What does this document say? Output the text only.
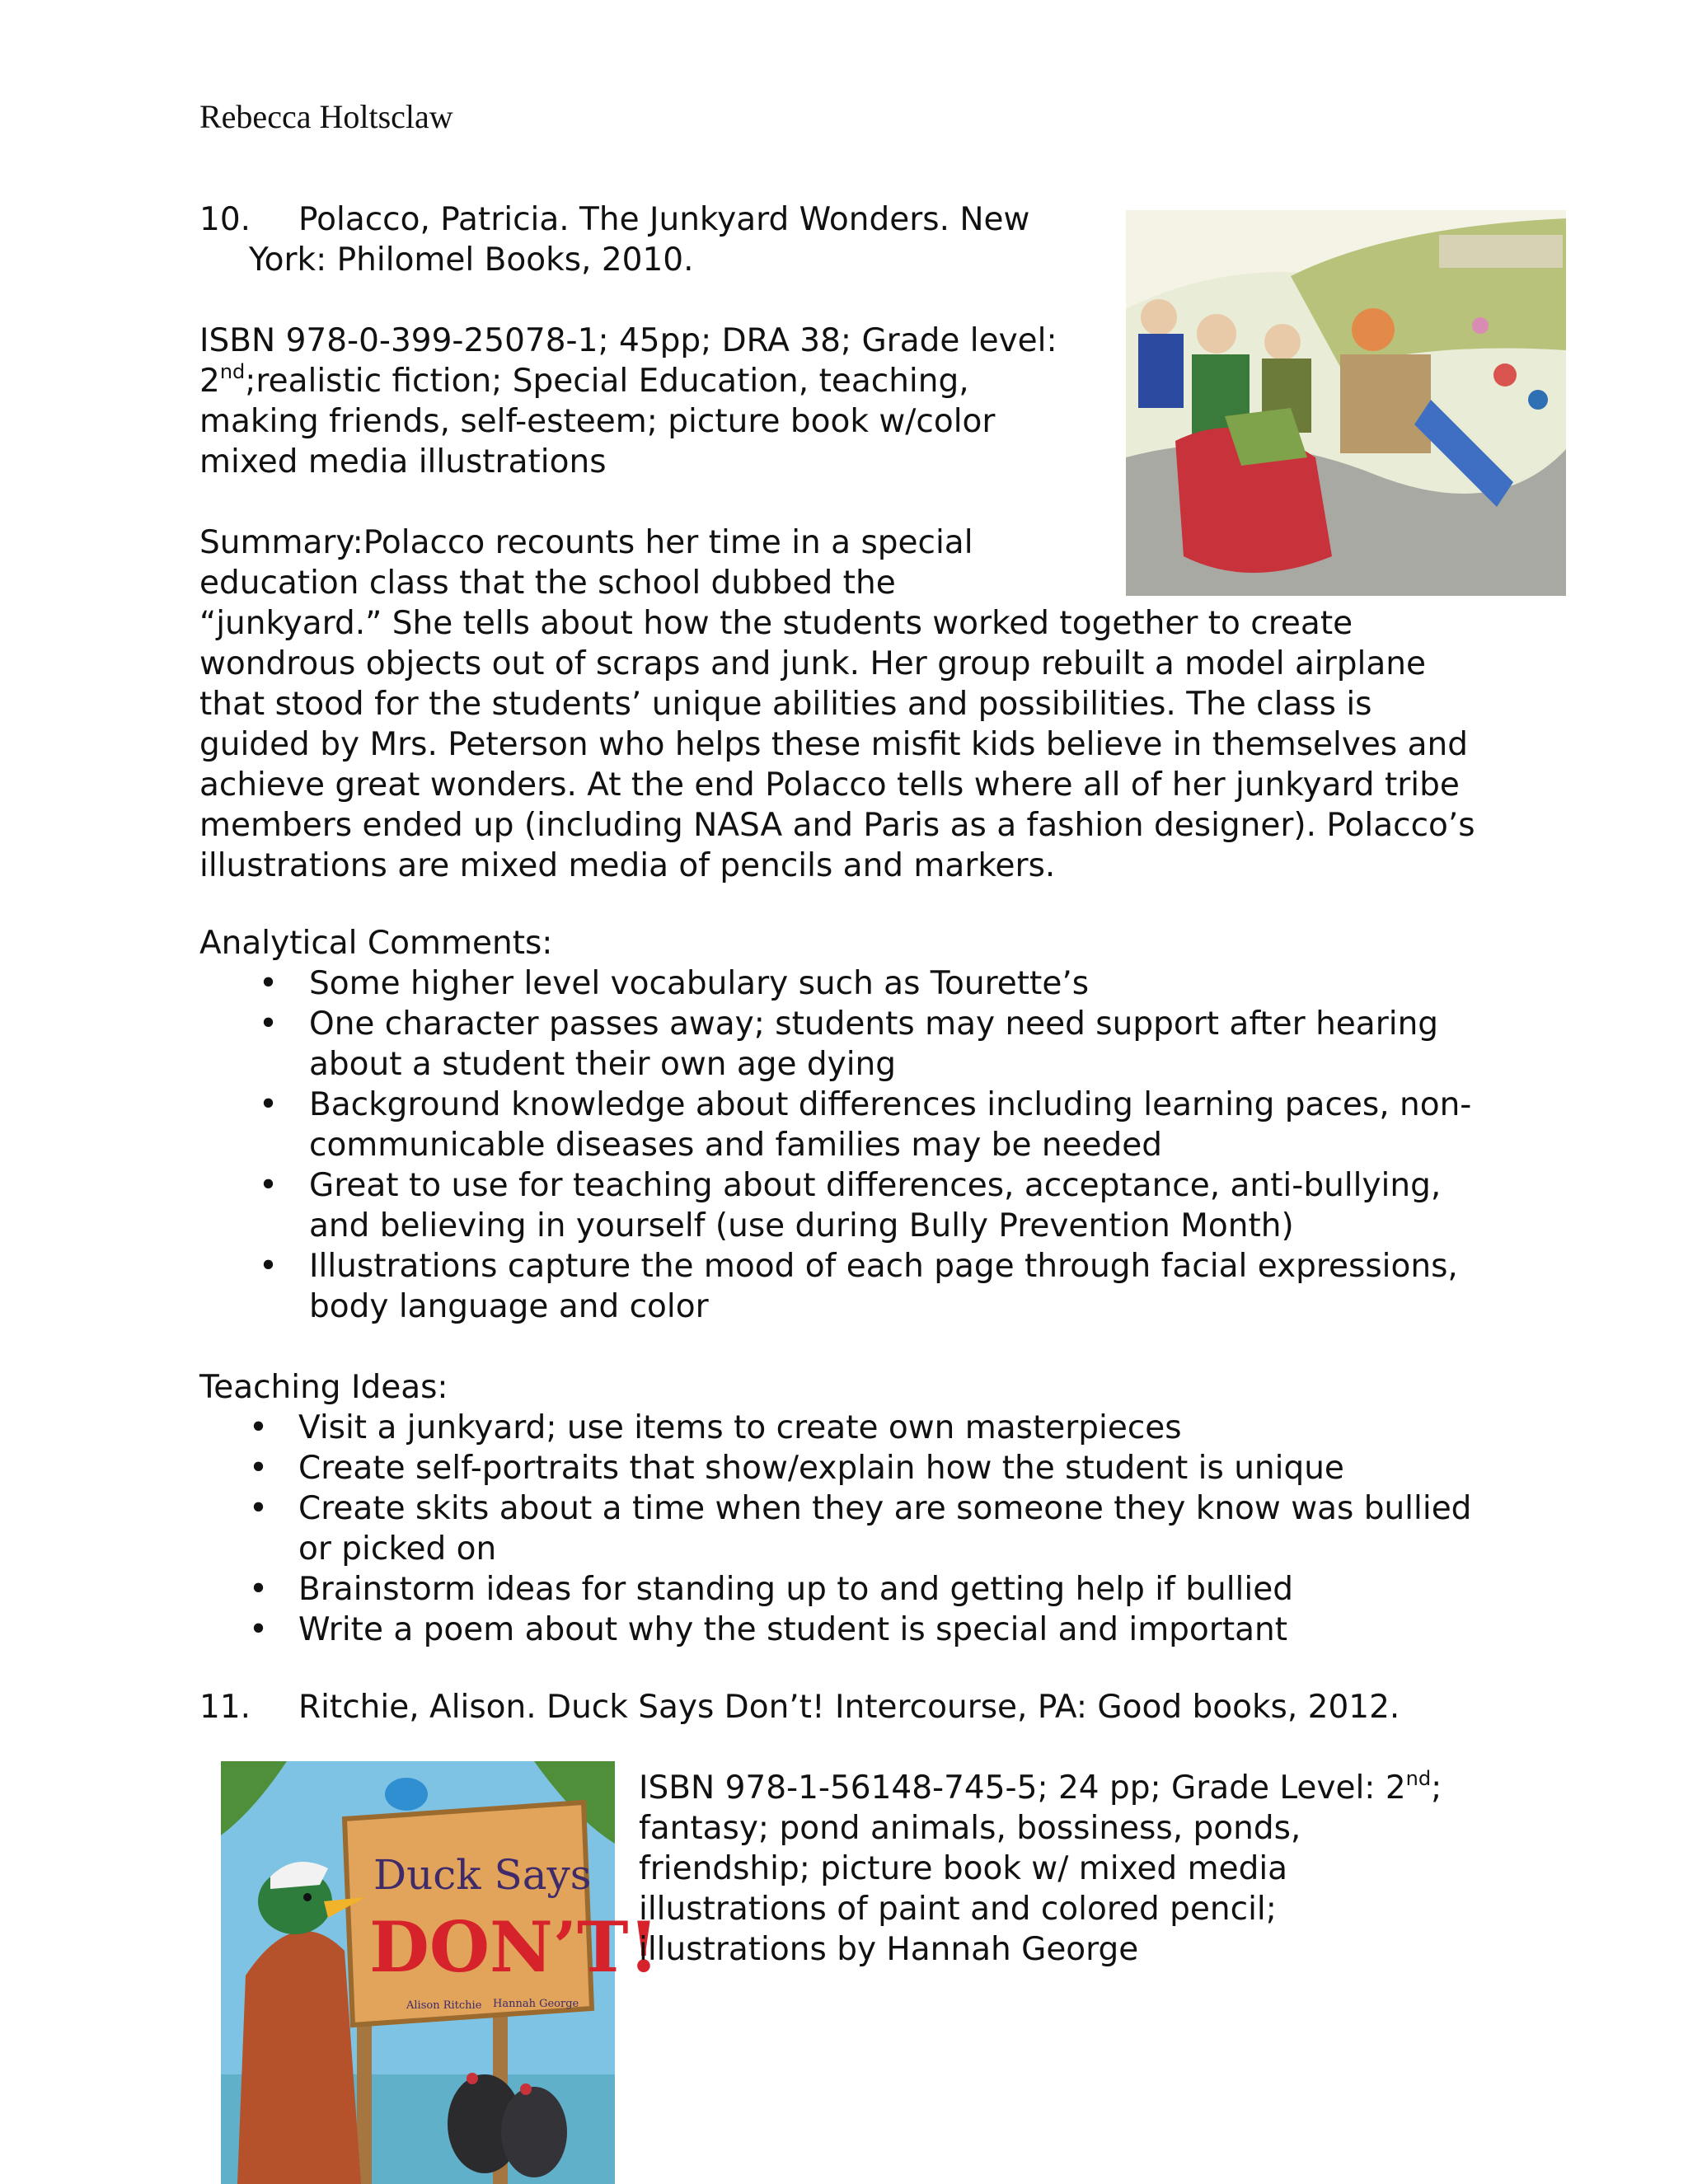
Rebecca Holtsclaw
10. Polacco, Patricia. The Junkyard Wonders. New
York: Philomel Books, 2010.
ISBN 978-0-399-25078-1; 45pp; DRA 38; Grade level: 2nd;realistic fiction; Special Education, teaching, making friends, self-esteem; picture book w/color mixed media illustrations
Summary:Polacco recounts her time in a special education class that the school dubbed the
“junkyard.” She tells about how the students worked together to create wondrous objects out of scraps and junk. Her group rebuilt a model airplane that stood for the students’ unique abilities and possibilities. The class is guided by Mrs. Peterson who helps these misfit kids believe in themselves and achieve great wonders. At the end Polacco tells where all of her junkyard tribe members ended up (including NASA and Paris as a fashion designer). Polacco’s illustrations are mixed media of pencils and markers.
Analytical Comments:
• Some higher level vocabulary such as Tourette’s
• One character passes away; students may need support after hearing about a student their own age dying
• Background knowledge about differences including learning paces, non-communicable diseases and families may be needed
• Great to use for teaching about differences, acceptance, anti-bullying, and believing in yourself (use during Bully Prevention Month)
• Illustrations capture the mood of each page through facial expressions, body language and color
Teaching Ideas:
• Visit a junkyard; use items to create own masterpieces
• Create self-portraits that show/explain how the student is unique
• Create skits about a time when they are someone they know was bullied or picked on
• Brainstorm ideas for standing up to and getting help if bullied
• Write a poem about why the student is special and important
11. Ritchie, Alison. Duck Says Don’t! Intercourse, PA: Good books, 2012.
Duck Says
DON’T!
Alison Ritchie Hannah George
ISBN 978-1-56148-745-5; 24 pp; Grade Level: 2nd; fantasy; pond animals, bossiness, ponds, friendship; picture book w/ mixed media illustrations of paint and colored pencil; illustrations by Hannah George
